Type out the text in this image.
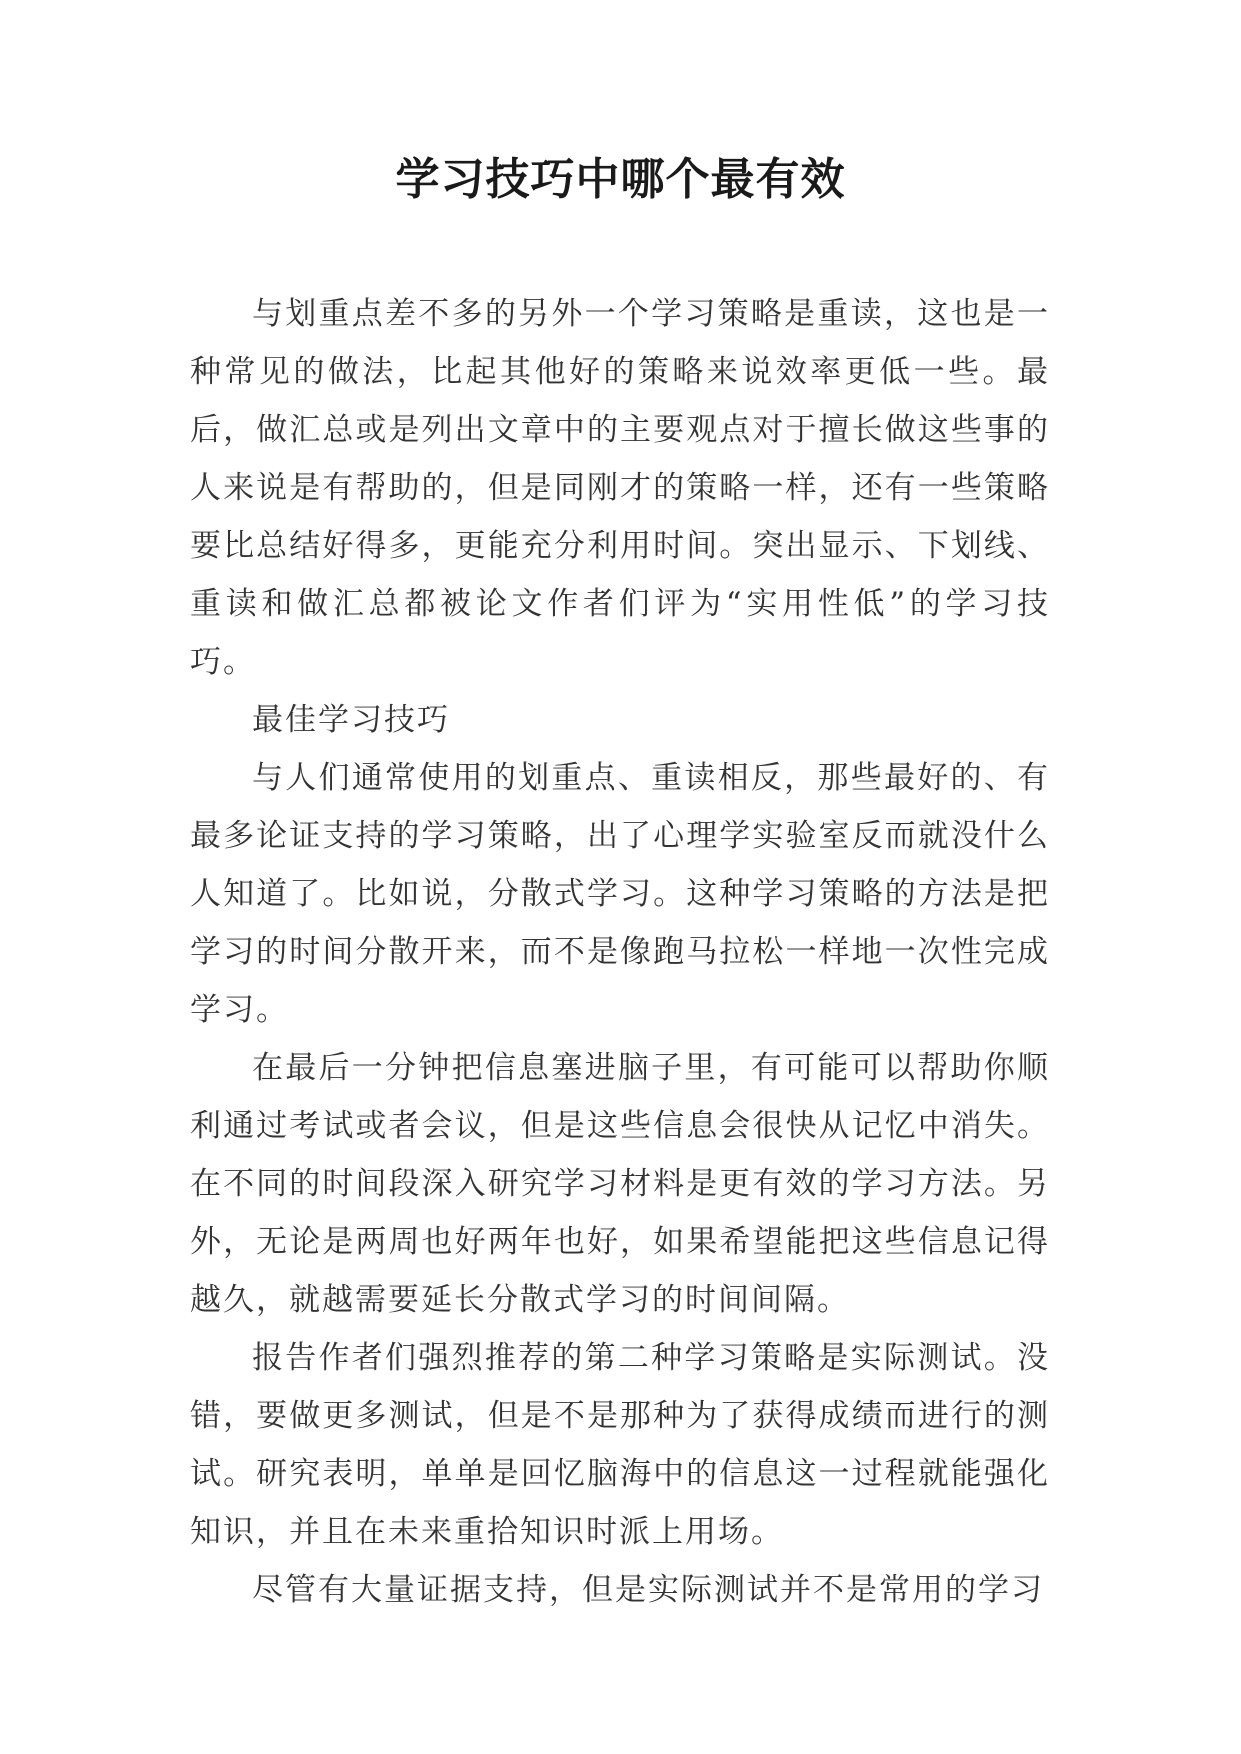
学习技巧中哪个最有效

与划重点差不多的另外一个学习策略是重读，这也是一种常见的做法，比起其他好的策略来说效率更低一些。最后，做汇总或是列出文章中的主要观点对于擅长做这些事的人来说是有帮助的，但是同刚才的策略一样，还有一些策略要比总结好得多，更能充分利用时间。突出显示、下划线、重读和做汇总都被论文作者们评为“实用性低”的学习技巧。

最佳学习技巧

与人们通常使用的划重点、重读相反，那些最好的、有最多论证支持的学习策略，出了心理学实验室反而就没什么人知道了。比如说，分散式学习。这种学习策略的方法是把学习的时间分散开来，而不是像跑马拉松一样地一次性完成学习。

在最后一分钟把信息塞进脑子里，有可能可以帮助你顺利通过考试或者会议，但是这些信息会很快从记忆中消失。在不同的时间段深入研究学习材料是更有效的学习方法。另外，无论是两周也好两年也好，如果希望能把这些信息记得越久，就越需要延长分散式学习的时间间隔。

报告作者们强烈推荐的第二种学习策略是实际测试。没错，要做更多测试，但是不是那种为了获得成绩而进行的测试。研究表明，单单是回忆脑海中的信息这一过程就能强化知识，并且在未来重拾知识时派上用场。

尽管有大量证据支持，但是实际测试并不是常用的学习
